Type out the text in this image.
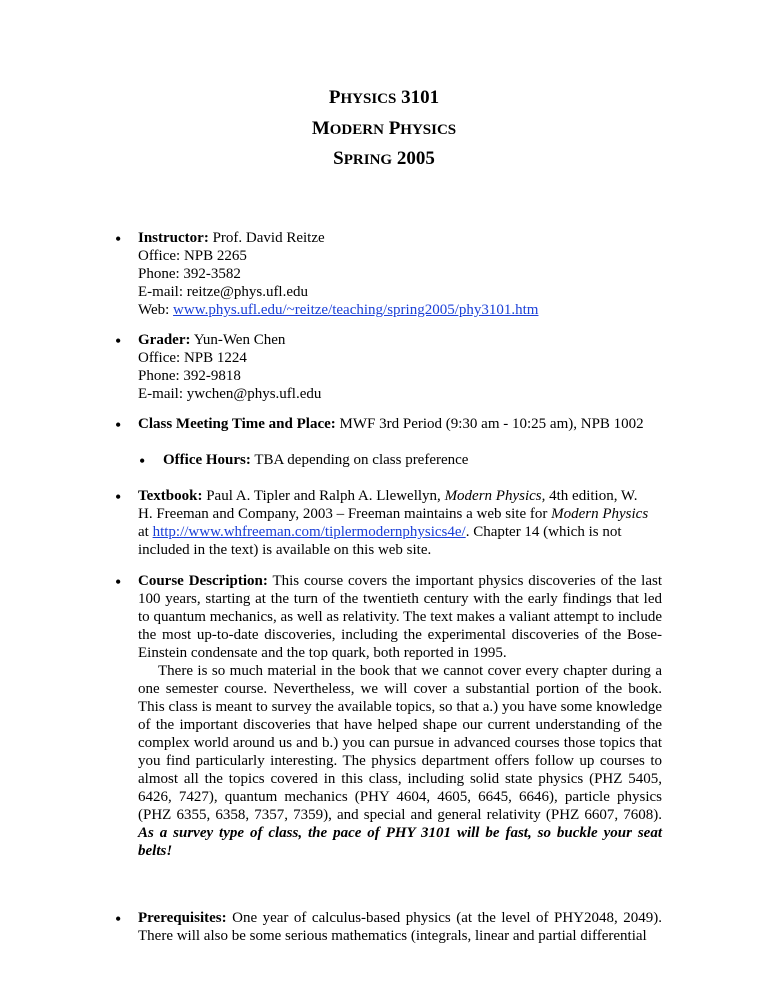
PHYSICS 3101
MODERN PHYSICS
SPRING 2005
• Instructor: Prof. David Reitze
Office: NPB 2265
Phone: 392-3582
E-mail: reitze@phys.ufl.edu
Web: www.phys.ufl.edu/~reitze/teaching/spring2005/phy3101.htm
• Grader: Yun-Wen Chen
Office: NPB 1224
Phone: 392-9818
E-mail: ywchen@phys.ufl.edu
• Class Meeting Time and Place: MWF 3rd Period (9:30 am - 10:25 am), NPB 1002
• Office Hours: TBA depending on class preference
• Textbook: Paul A. Tipler and Ralph A. Llewellyn, Modern Physics, 4th edition, W.
H. Freeman and Company, 2003 – Freeman maintains a web site for Modern Physics
at http://www.whfreeman.com/tiplermodernphysics4e/. Chapter 14 (which is not
included in the text) is available on this web site.
• Course Description: This course covers the important physics discoveries of the last 100 years, starting at the turn of the twentieth century with the early findings that led to quantum mechanics, as well as relativity. The text makes a valiant attempt to include the most up-to-date discoveries, including the experimental discoveries of the Bose-Einstein condensate and the top quark, both reported in 1995.
There is so much material in the book that we cannot cover every chapter during a one semester course. Nevertheless, we will cover a substantial portion of the book. This class is meant to survey the available topics, so that a.) you have some knowledge of the important discoveries that have helped shape our current understanding of the complex world around us and b.) you can pursue in advanced courses those topics that you find particularly interesting. The physics department offers follow up courses to almost all the topics covered in this class, including solid state physics (PHZ 5405, 6426, 7427), quantum mechanics (PHY 4604, 4605, 6645, 6646), particle physics (PHZ 6355, 6358, 7357, 7359), and special and general relativity (PHZ 6607, 7608). As a survey type of class, the pace of PHY 3101 will be fast, so buckle your seat belts!
• Prerequisites: One year of calculus-based physics (at the level of PHY2048, 2049). There will also be some serious mathematics (integrals, linear and partial differential
